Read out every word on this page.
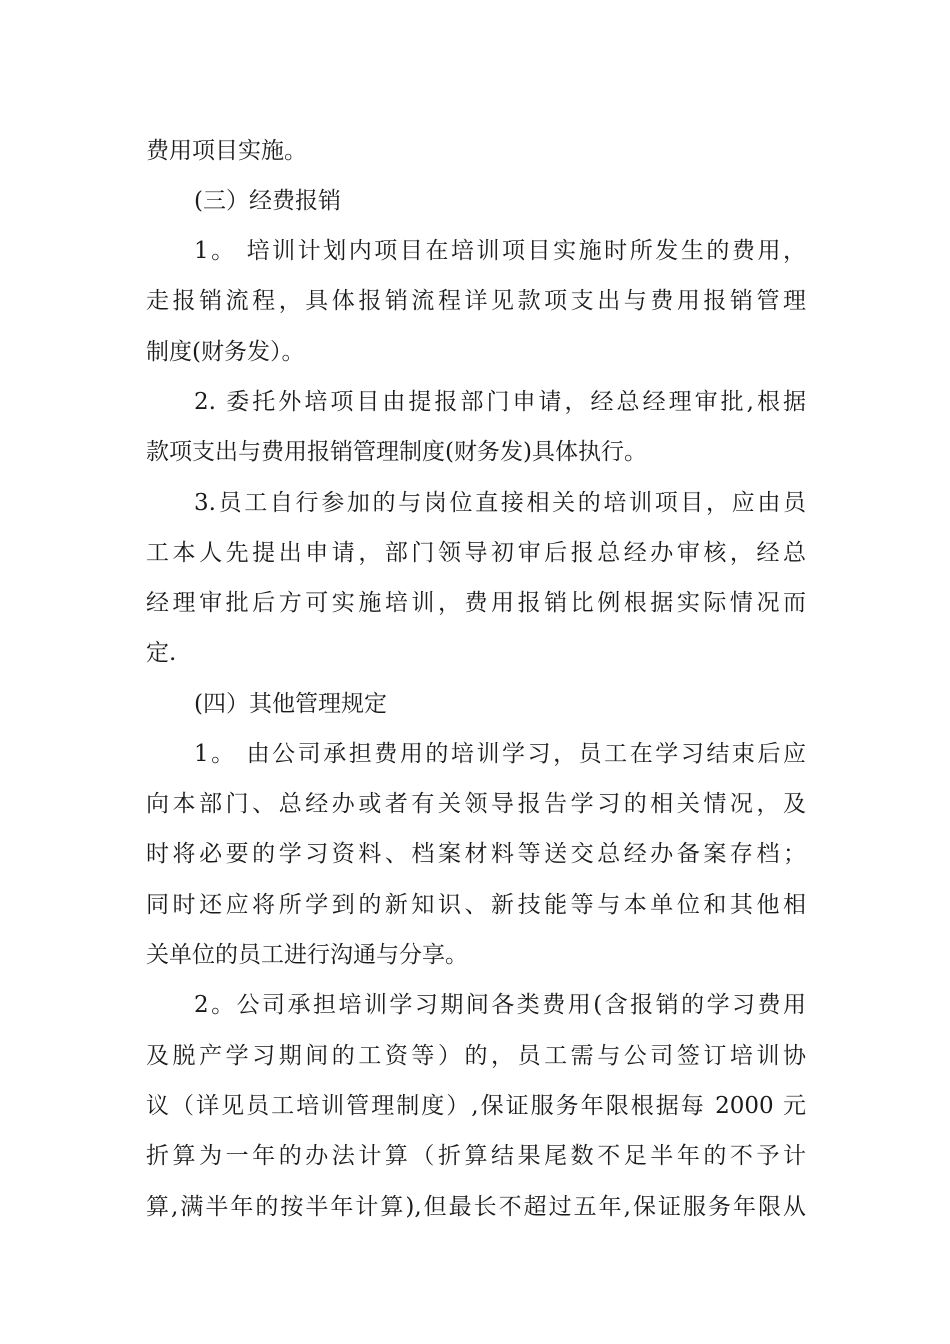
费用项目实施。
(三）经费报销
1。 培训计划内项目在培训项目实施时所发生的费用，
走报销流程，具体报销流程详见款项支出与费用报销管理
制度(财务发）。
2. 委托外培项目由提报部门申请，经总经理审批,根据
款项支出与费用报销管理制度(财务发)具体执行。
3.员工自行参加的与岗位直接相关的培训项目，应由员
工本人先提出申请，部门领导初审后报总经办审核，经总
经理审批后方可实施培训，费用报销比例根据实际情况而
定.
(四）其他管理规定
1。 由公司承担费用的培训学习，员工在学习结束后应
向本部门、总经办或者有关领导报告学习的相关情况，及
时将必要的学习资料、档案材料等送交总经办备案存档；
同时还应将所学到的新知识、新技能等与本单位和其他相
关单位的员工进行沟通与分享。
2。公司承担培训学习期间各类费用(含报销的学习费用
及脱产学习期间的工资等）的，员工需与公司签订培训协
议（详见员工培训管理制度）,保证服务年限根据每 2000 元
折算为一年的办法计算（折算结果尾数不足半年的不予计
算,满半年的按半年计算),但最长不超过五年,保证服务年限从
